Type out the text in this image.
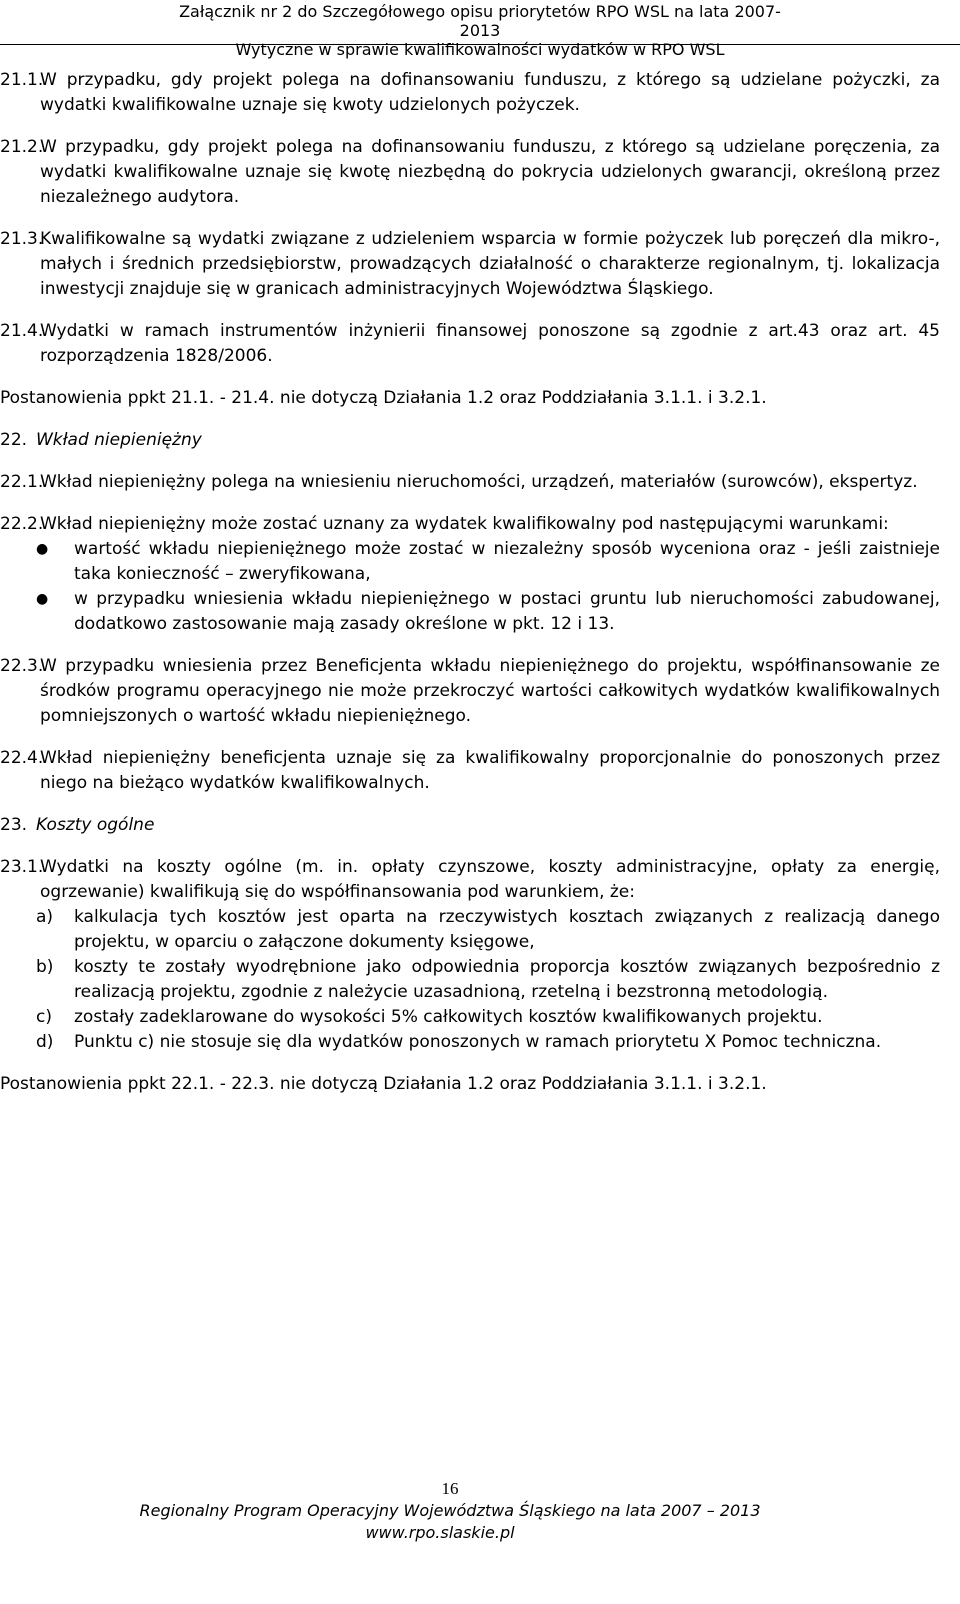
Załącznik nr 2 do Szczegółowego opisu priorytetów RPO WSL na lata 2007-2013
Wytyczne w sprawie kwalifikowalności wydatków w RPO WSL
21.1.W przypadku, gdy projekt polega na dofinansowaniu funduszu, z którego są udzielane pożyczki, za wydatki kwalifikowalne uznaje się kwoty udzielonych pożyczek.
21.2.W przypadku, gdy projekt polega na dofinansowaniu funduszu, z którego są udzielane poręczenia, za wydatki kwalifikowalne uznaje się kwotę niezbędną do pokrycia udzielonych gwarancji, określoną przez niezależnego audytora.
21.3.Kwalifikowalne są wydatki związane z udzieleniem wsparcia w formie pożyczek lub poręczeń dla mikro-, małych i średnich przedsiębiorstw, prowadzących działalność o charakterze regionalnym, tj. lokalizacja inwestycji znajduje się w granicach administracyjnych Województwa Śląskiego.
21.4.Wydatki w ramach instrumentów inżynierii finansowej ponoszone są zgodnie z art.43 oraz art. 45 rozporządzenia 1828/2006.
Postanowienia ppkt 21.1. - 21.4. nie dotyczą Działania 1.2 oraz Poddziałania 3.1.1. i 3.2.1.
22. Wkład niepieniężny
22.1.Wkład niepieniężny polega na wniesieniu nieruchomości, urządzeń, materiałów (surowców), ekspertyz.
22.2.Wkład niepieniężny może zostać uznany za wydatek kwalifikowalny pod następującymi warunkami:
● wartość wkładu niepieniężnego może zostać w niezależny sposób wyceniona oraz - jeśli zaistnieje taka konieczność – zweryfikowana,
● w przypadku wniesienia wkładu niepieniężnego w postaci gruntu lub nieruchomości zabudowanej, dodatkowo zastosowanie mają zasady określone w pkt. 12 i 13.
22.3.W przypadku wniesienia przez Beneficjenta wkładu niepieniężnego do projektu, współfinansowanie ze środków programu operacyjnego nie może przekroczyć wartości całkowitych wydatków kwalifikowalnych pomniejszonych o wartość wkładu niepieniężnego.
22.4.Wkład niepieniężny beneficjenta uznaje się za kwalifikowalny proporcjonalnie do ponoszonych przez niego na bieżąco wydatków kwalifikowalnych.
23. Koszty ogólne
23.1.Wydatki na koszty ogólne (m. in. opłaty czynszowe, koszty administracyjne, opłaty za energię, ogrzewanie) kwalifikują się do współfinansowania pod warunkiem, że:
a) kalkulacja tych kosztów jest oparta na rzeczywistych kosztach związanych z realizacją danego projektu, w oparciu o załączone dokumenty księgowe,
b) koszty te zostały wyodrębnione jako odpowiednia proporcja kosztów związanych bezpośrednio z realizacją projektu, zgodnie z należycie uzasadnioną, rzetelną i bezstronną metodologią.
c) zostały zadeklarowane do wysokości 5% całkowitych kosztów kwalifikowanych projektu.
d) Punktu c) nie stosuje się dla wydatków ponoszonych w ramach priorytetu X Pomoc techniczna.
Postanowienia ppkt 22.1. - 22.3. nie dotyczą Działania 1.2 oraz Poddziałania 3.1.1. i 3.2.1.
16
Regionalny Program Operacyjny Województwa Śląskiego na lata 2007 – 2013
www.rpo.slaskie.pl
